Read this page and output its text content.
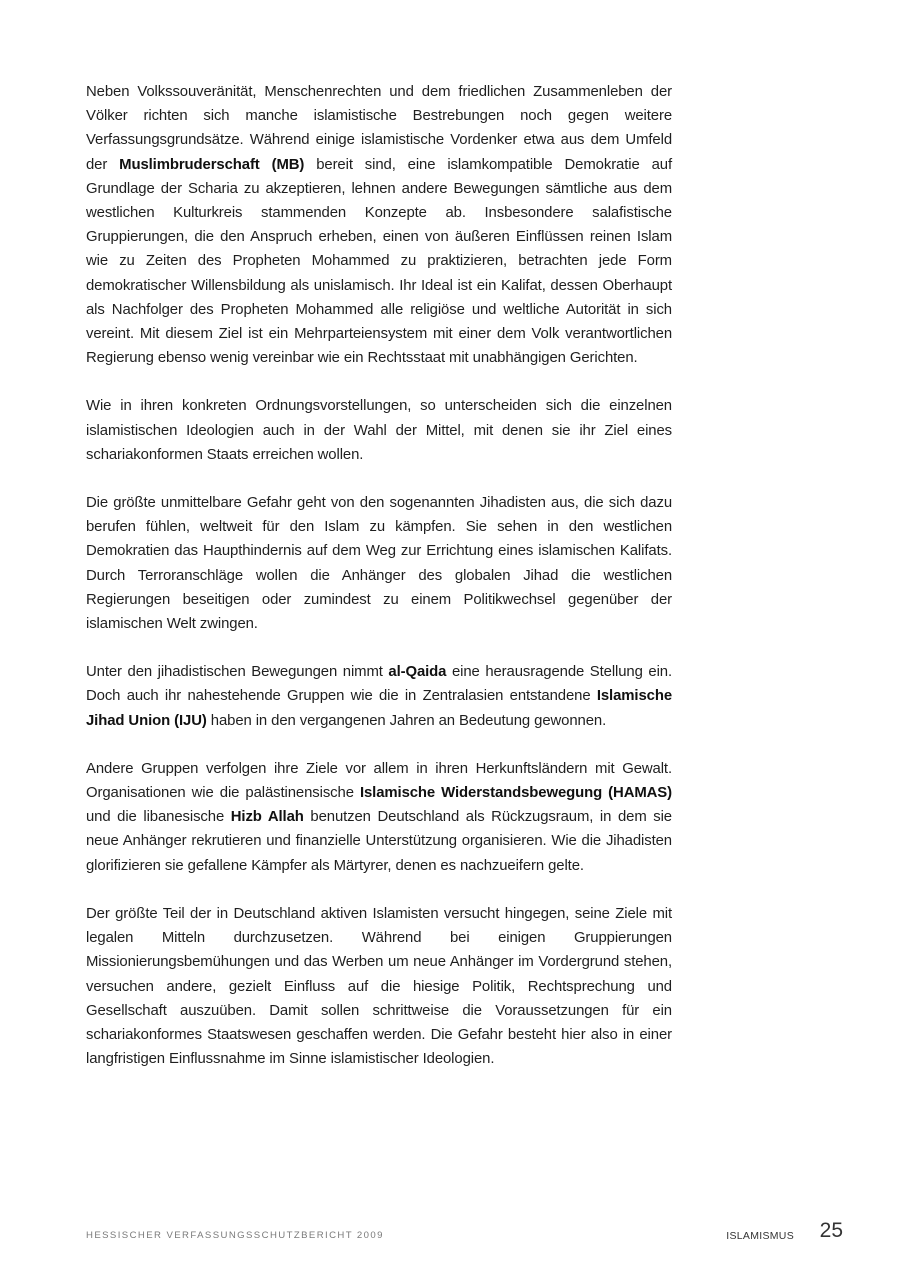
Neben Volkssouveränität, Menschenrechten und dem friedlichen Zusammenleben der Völker richten sich manche islamistische Bestrebungen noch gegen weitere Verfassungsgrundsätze. Während einige islamistische Vordenker etwa aus dem Umfeld der Muslimbruderschaft (MB) bereit sind, eine islamkompatible Demokratie auf Grundlage der Scharia zu akzeptieren, lehnen andere Bewegungen sämtliche aus dem westlichen Kulturkreis stammenden Konzepte ab. Insbesondere salafistische Gruppierungen, die den Anspruch erheben, einen von äußeren Einflüssen reinen Islam wie zu Zeiten des Propheten Mohammed zu praktizieren, betrachten jede Form demokratischer Willensbildung als unislamisch. Ihr Ideal ist ein Kalifat, dessen Oberhaupt als Nachfolger des Propheten Mohammed alle religiöse und weltliche Autorität in sich vereint. Mit diesem Ziel ist ein Mehrparteiensystem mit einer dem Volk verantwortlichen Regierung ebenso wenig vereinbar wie ein Rechtsstaat mit unabhängigen Gerichten.

Wie in ihren konkreten Ordnungsvorstellungen, so unterscheiden sich die einzelnen islamistischen Ideologien auch in der Wahl der Mittel, mit denen sie ihr Ziel eines schariakonformen Staats erreichen wollen.

Die größte unmittelbare Gefahr geht von den sogenannten Jihadisten aus, die sich dazu berufen fühlen, weltweit für den Islam zu kämpfen. Sie sehen in den westlichen Demokratien das Haupthindernis auf dem Weg zur Errichtung eines islamischen Kalifats. Durch Terroranschläge wollen die Anhänger des globalen Jihad die westlichen Regierungen beseitigen oder zumindest zu einem Politikwechsel gegenüber der islamischen Welt zwingen.

Unter den jihadistischen Bewegungen nimmt al-Qaida eine herausragende Stellung ein. Doch auch ihr nahestehende Gruppen wie die in Zentralasien entstandene Islamische Jihad Union (IJU) haben in den vergangenen Jahren an Bedeutung gewonnen.

Andere Gruppen verfolgen ihre Ziele vor allem in ihren Herkunftsländern mit Gewalt. Organisationen wie die palästinensische Islamische Widerstandsbewegung (HAMAS) und die libanesische Hizb Allah benutzen Deutschland als Rückzugsraum, in dem sie neue Anhänger rekrutieren und finanzielle Unterstützung organisieren. Wie die Jihadisten glorifizieren sie gefallene Kämpfer als Märtyrer, denen es nachzueifern gelte.

Der größte Teil der in Deutschland aktiven Islamisten versucht hingegen, seine Ziele mit legalen Mitteln durchzusetzen. Während bei einigen Gruppierungen Missionierungsbemühungen und das Werben um neue Anhänger im Vordergrund stehen, versuchen andere, gezielt Einfluss auf die hiesige Politik, Rechtsprechung und Gesellschaft auszuüben. Damit sollen schrittweise die Voraussetzungen für ein schariakonformes Staatswesen geschaffen werden. Die Gefahr besteht hier also in einer langfristigen Einflussnahme im Sinne islamistischer Ideologien.

HESSISCHER VERFASSUNGSSCHUTZBERICHT 2009	ISLAMISMUS 25
